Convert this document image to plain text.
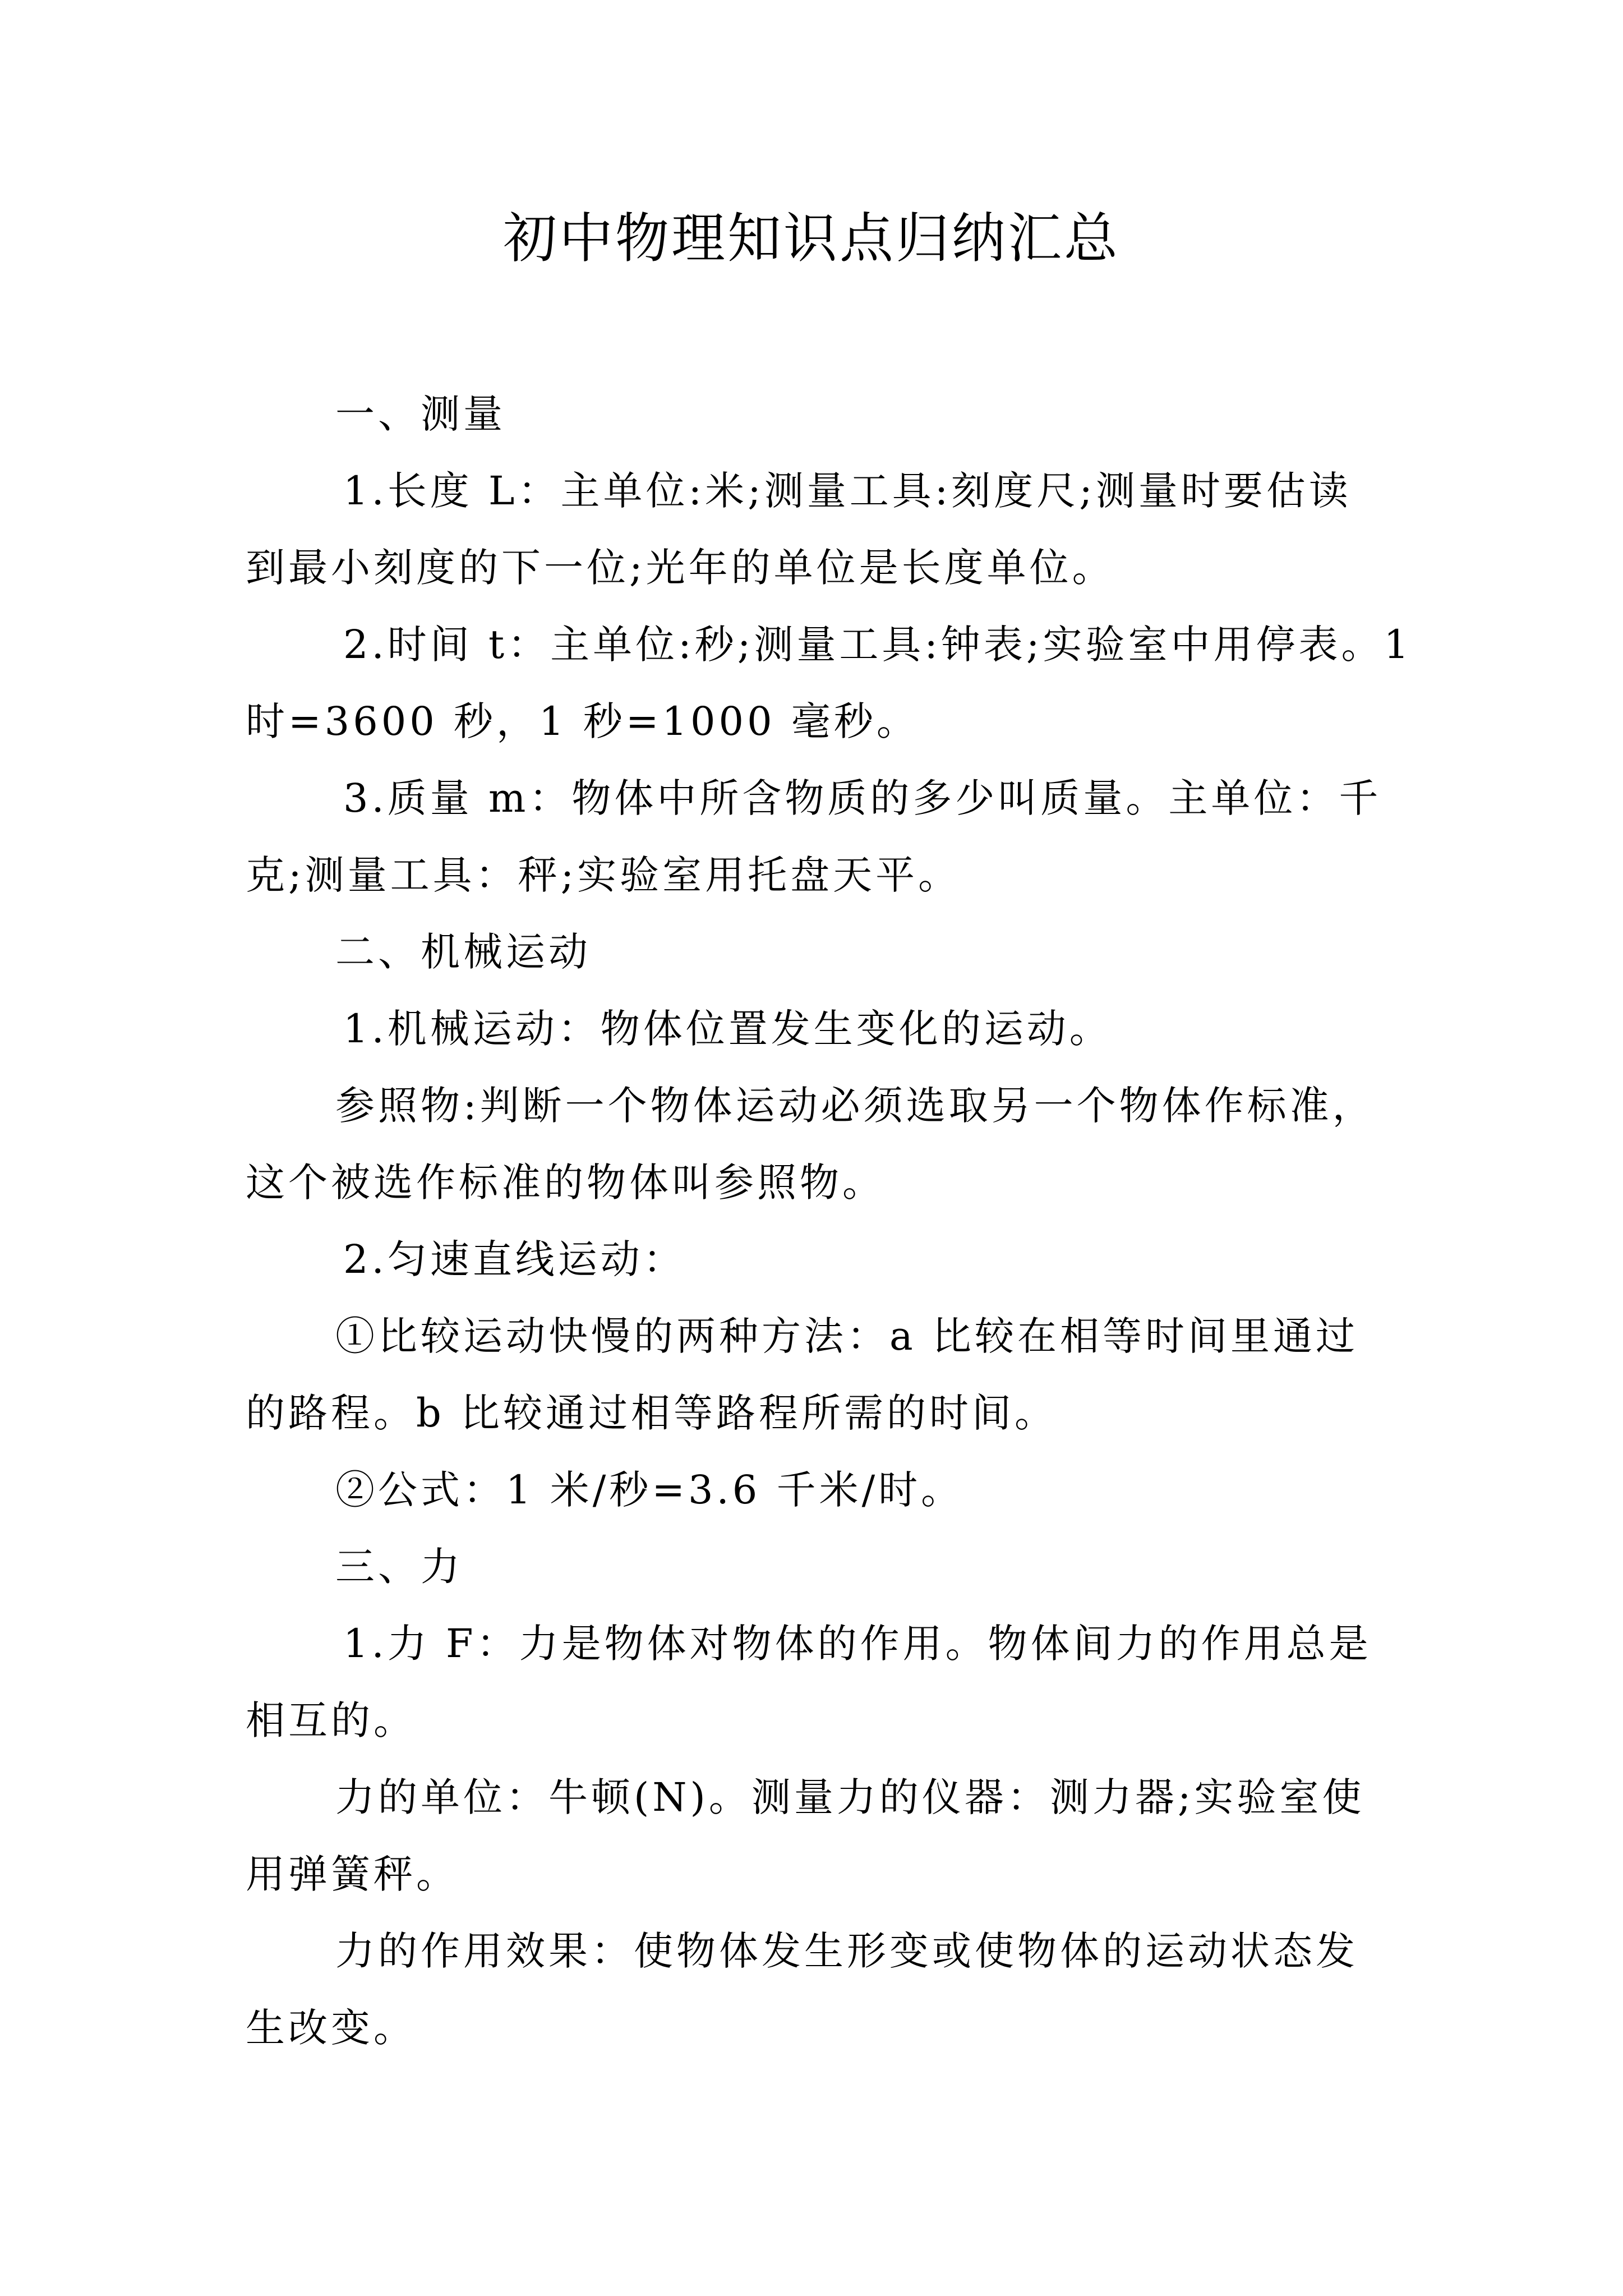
初中物理知识点归纳汇总
一、测量
1.长度 L：主单位:米;测量工具:刻度尺;测量时要估读
到最小刻度的下一位;光年的单位是长度单位。
2.时间 t：主单位:秒;测量工具:钟表;实验室中用停表。1
时=3600 秒，1 秒=1000 毫秒。
3.质量 m：物体中所含物质的多少叫质量。主单位：千
克;测量工具：秤;实验室用托盘天平。
二、机械运动
1.机械运动：物体位置发生变化的运动。
参照物:判断一个物体运动必须选取另一个物体作标准，
这个被选作标准的物体叫参照物。
2.匀速直线运动：
①比较运动快慢的两种方法：a 比较在相等时间里通过
的路程。b 比较通过相等路程所需的时间。
②公式：1 米/秒=3.6 千米/时。
三、力
1.力 F：力是物体对物体的作用。物体间力的作用总是
相互的。
力的单位：牛顿(N)。测量力的仪器：测力器;实验室使
用弹簧秤。
力的作用效果：使物体发生形变或使物体的运动状态发
生改变。
